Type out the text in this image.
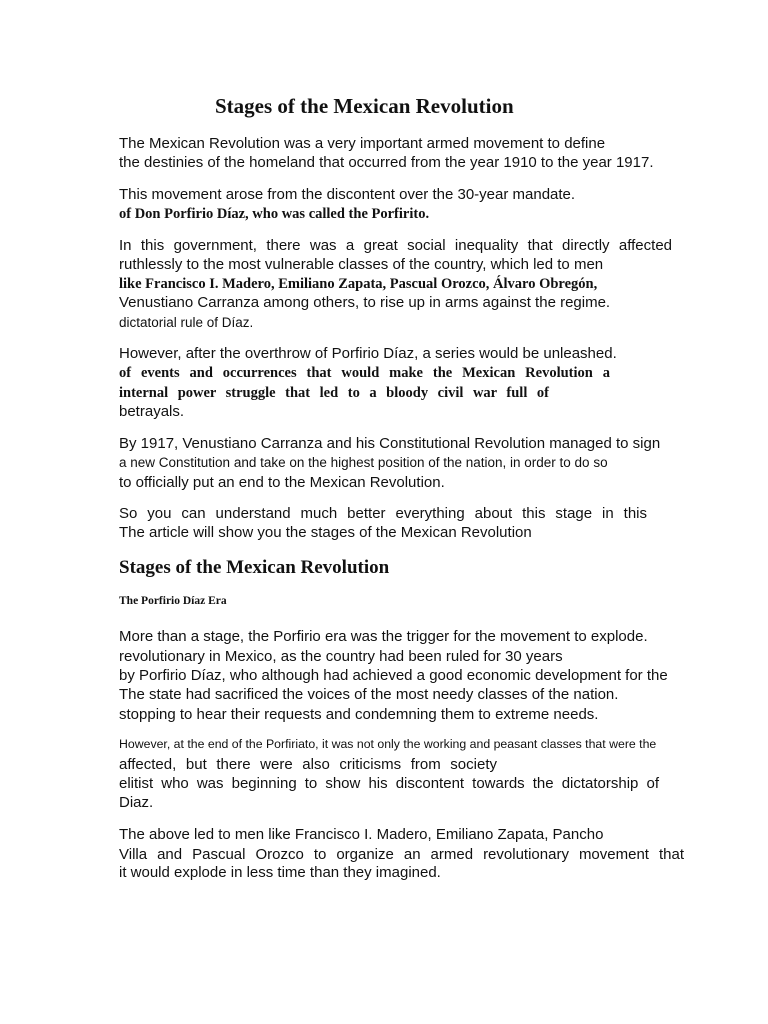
Stages of the Mexican Revolution

The Mexican Revolution was a very important armed movement to define

the destinies of the homeland that occurred from the year 1910 to the year 1917.

This movement arose from the discontent over the 30-year mandate.

of Don Porfirio Díaz, who was called the Porfirito.

In this government, there was a great social inequality that directly affected

ruthlessly to the most vulnerable classes of the country, which led to men

like Francisco I. Madero, Emiliano Zapata, Pascual Orozco, Álvaro Obregón,

Venustiano Carranza among others, to rise up in arms against the regime.

dictatorial rule of Díaz.

However, after the overthrow of Porfirio Díaz, a series would be unleashed.

of events and occurrences that would make the Mexican Revolution a

internal power struggle that led to a bloody civil war full of

betrayals.

By 1917, Venustiano Carranza and his Constitutional Revolution managed to sign

a new Constitution and take on the highest position of the nation, in order to do so

to officially put an end to the Mexican Revolution.

So you can understand much better everything about this stage in this

The article will show you the stages of the Mexican Revolution

Stages of the Mexican Revolution
The Porfirio Díaz Era

More than a stage, the Porfirio era was the trigger for the movement to explode.

revolutionary in Mexico, as the country had been ruled for 30 years

by Porfirio Díaz, who although had achieved a good economic development for the

The state had sacrificed the voices of the most needy classes of the nation.

stopping to hear their requests and condemning them to extreme needs.

However, at the end of the Porfiriato, it was not only the working and peasant classes that were the

affected, but there were also criticisms from society

elitist who was beginning to show his discontent towards the dictatorship of

Diaz.

The above led to men like Francisco I. Madero, Emiliano Zapata, Pancho

Villa and Pascual Orozco to organize an armed revolutionary movement that

it would explode in less time than they imagined.
